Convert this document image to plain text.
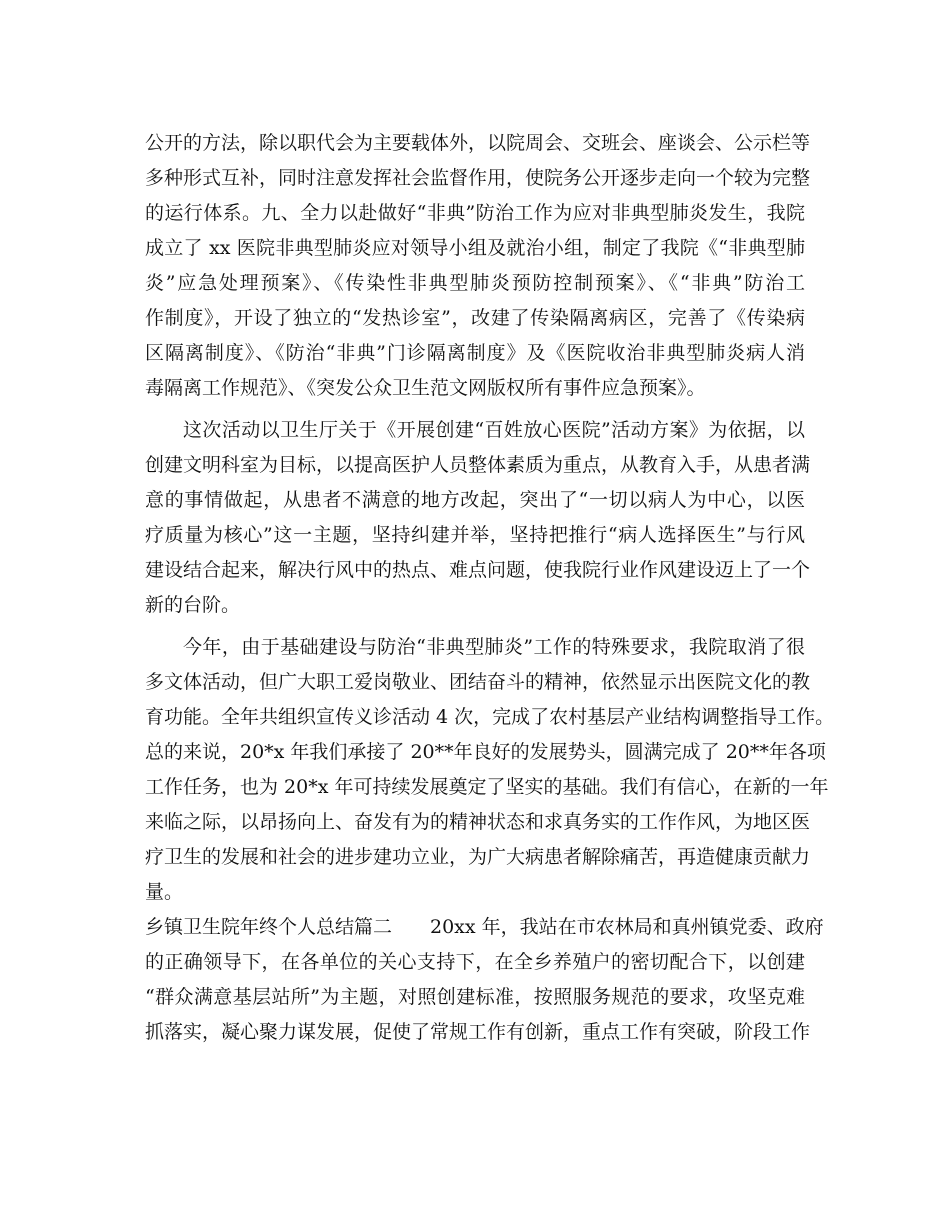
公开的方法，除以职代会为主要载体外，以院周会、交班会、座谈会、公示栏等
多种形式互补，同时注意发挥社会监督作用，使院务公开逐步走向一个较为完整
的运行体系。九、全力以赴做好“非典”防治工作为应对非典型肺炎发生，我院
成立了 xx 医院非典型肺炎应对领导小组及就治小组，制定了我院《“非典型肺
炎”应急处理预案》、《传染性非典型肺炎预防控制预案》、《“非典”防治工
作制度》，开设了独立的“发热诊室”，改建了传染隔离病区，完善了《传染病
区隔离制度》、《防治“非典”门诊隔离制度》及《医院收治非典型肺炎病人消
毒隔离工作规范》、《突发公众卫生范文网版权所有事件应急预案》。
这次活动以卫生厅关于《开展创建“百姓放心医院”活动方案》为依据，以
创建文明科室为目标，以提高医护人员整体素质为重点，从教育入手，从患者满
意的事情做起，从患者不满意的地方改起，突出了“一切以病人为中心，以医
疗质量为核心”这一主题，坚持纠建并举，坚持把推行“病人选择医生”与行风
建设结合起来，解决行风中的热点、难点问题，使我院行业作风建设迈上了一个
新的台阶。
今年，由于基础建设与防治“非典型肺炎”工作的特殊要求，我院取消了很
多文体活动，但广大职工爱岗敬业、团结奋斗的精神，依然显示出医院文化的教
育功能。全年共组织宣传义诊活动 4 次，完成了农村基层产业结构调整指导工作。
总的来说，20*x 年我们承接了 20**年良好的发展势头，圆满完成了 20**年各项
工作任务，也为 20*x 年可持续发展奠定了坚实的基础。我们有信心，在新的一年
来临之际，以昂扬向上、奋发有为的精神状态和求真务实的工作作风，为地区医
疗卫生的发展和社会的进步建功立业，为广大病患者解除痛苦，再造健康贡献力
量。
乡镇卫生院年终个人总结篇二　　20xx 年，我站在市农林局和真州镇党委、政府
的正确领导下，在各单位的关心支持下，在全乡养殖户的密切配合下，以创建
“群众满意基层站所”为主题，对照创建标准，按照服务规范的要求，攻坚克难
抓落实，凝心聚力谋发展，促使了常规工作有创新，重点工作有突破，阶段工作
